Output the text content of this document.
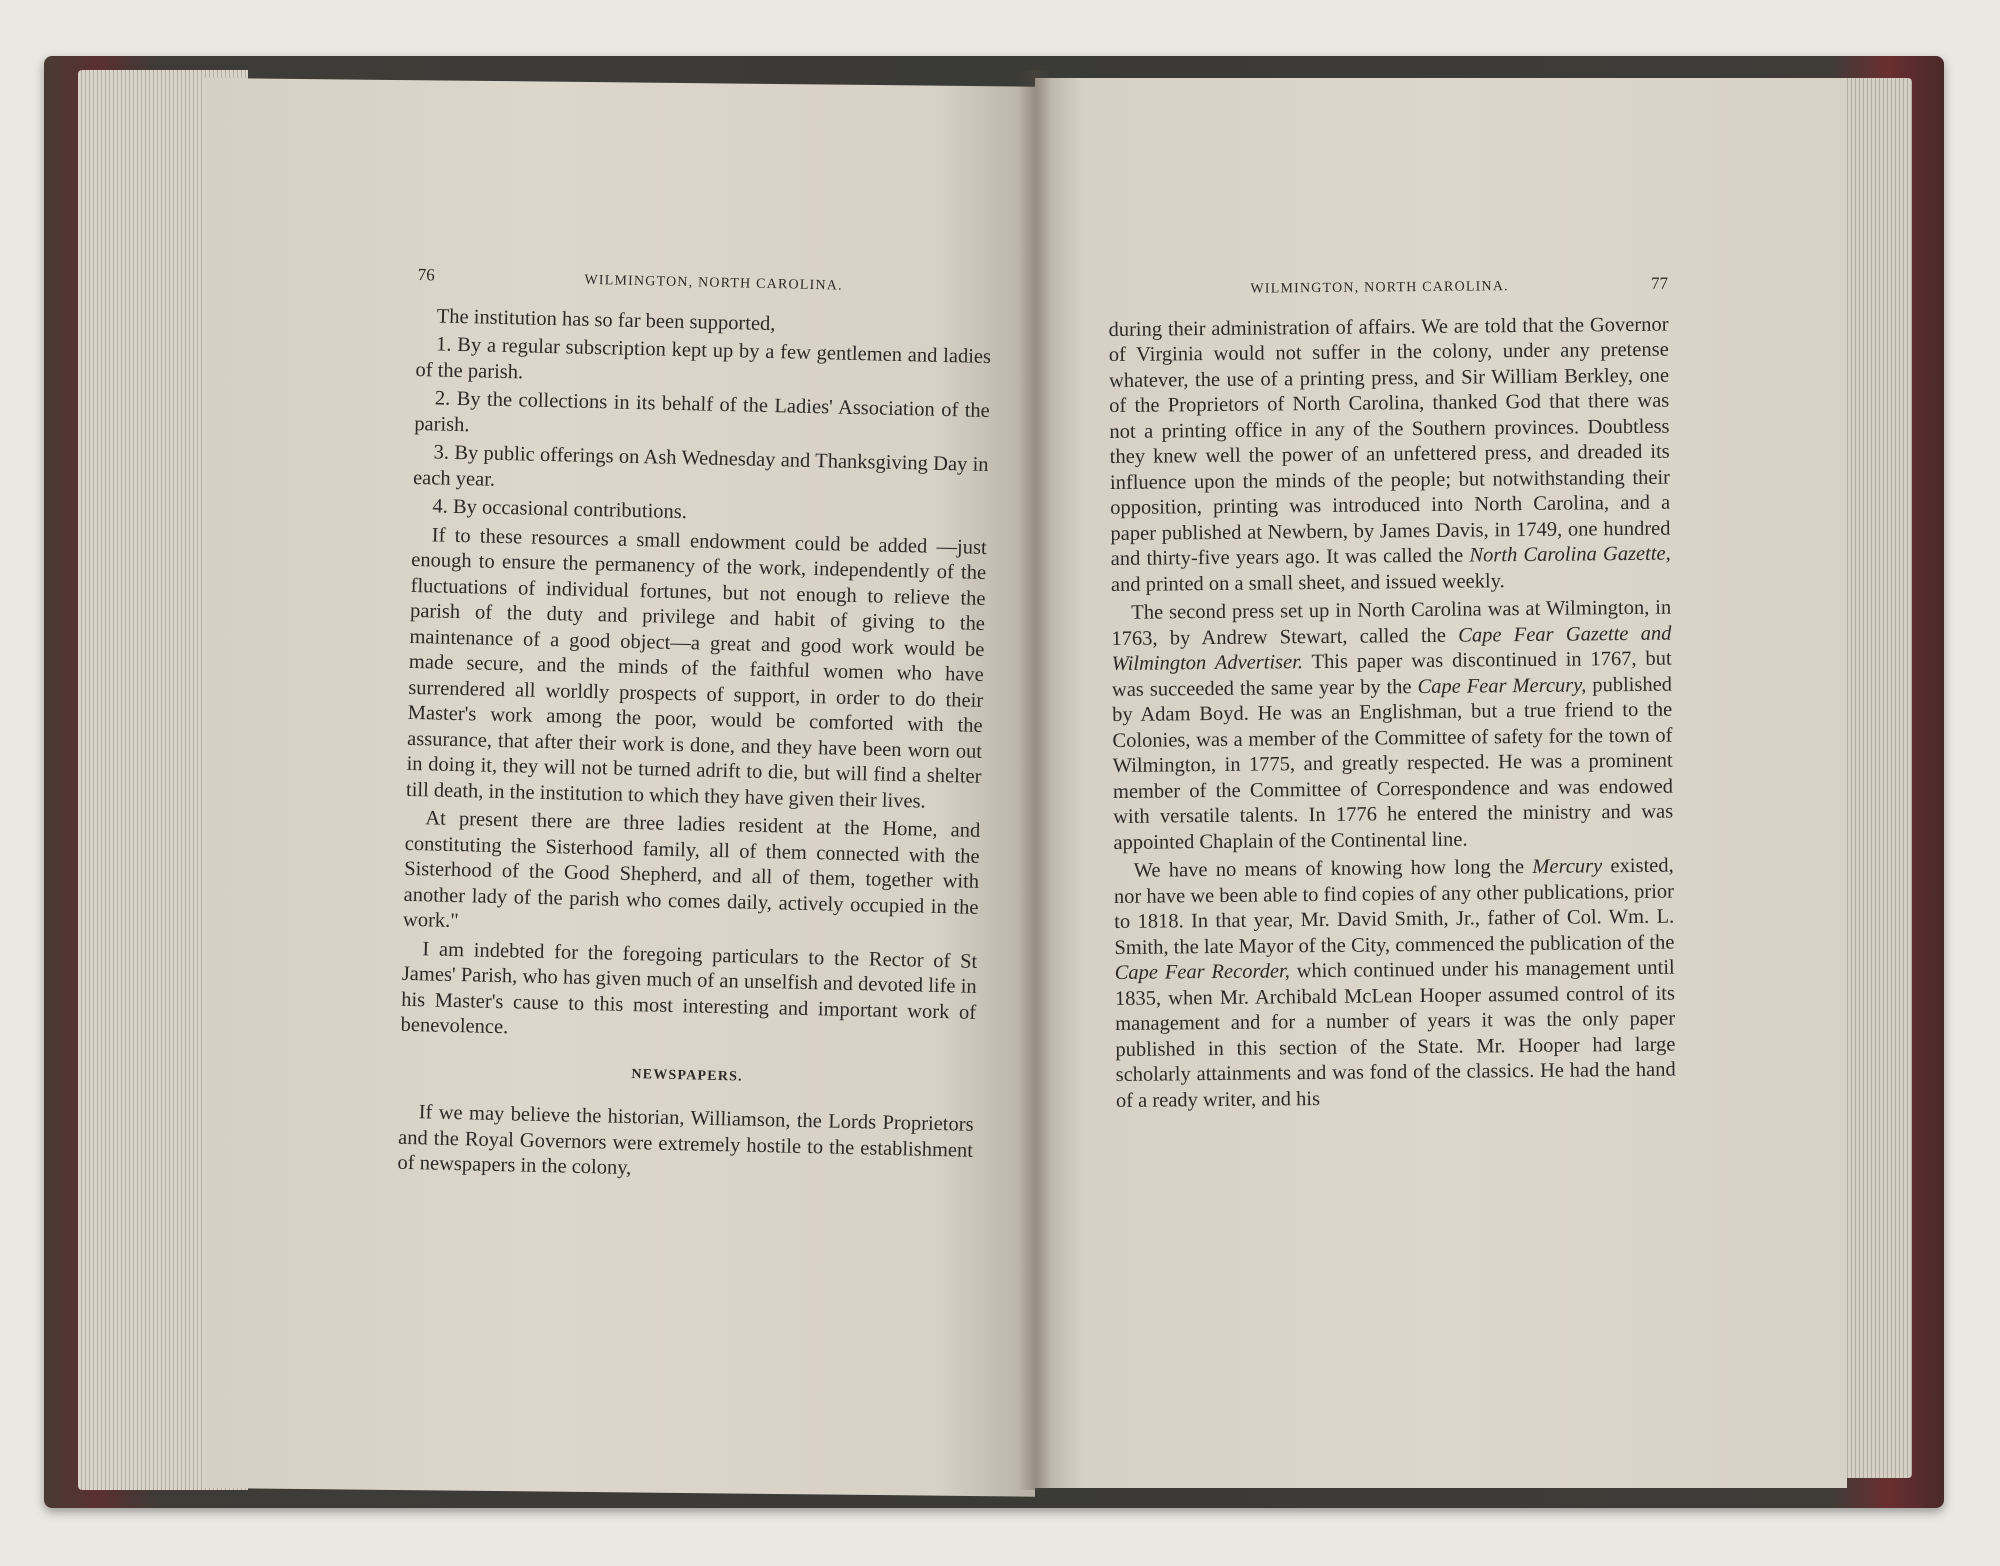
76	WILMINGTON, NORTH CAROLINA.

The institution has so far been supported,

1. By a regular subscription kept up by a few gentlemen and ladies of the parish.

2. By the collections in its behalf of the Ladies' Association of the parish.

3. By public offerings on Ash Wednesday and Thanksgiving Day in each year.

4. By occasional contributions.

If to these resources a small endowment could be added —just enough to ensure the permanency of the work, independently of the fluctuations of individual fortunes, but not enough to relieve the parish of the duty and privilege and habit of giving to the maintenance of a good object—a great and good work would be made secure, and the minds of the faithful women who have surrendered all worldly prospects of support, in order to do their Master's work among the poor, would be comforted with the assurance, that after their work is done, and they have been worn out in doing it, they will not be turned adrift to die, but will find a shelter till death, in the institution to which they have given their lives.

At present there are three ladies resident at the Home, and constituting the Sisterhood family, all of them connected with the Sisterhood of the Good Shepherd, and all of them, together with another lady of the parish who comes daily, actively occupied in the work."

I am indebted for the foregoing particulars to the Rector of St James' Parish, who has given much of an unselfish and devoted life in his Master's cause to this most interesting and important work of benevolence.

NEWSPAPERS.

If we may believe the historian, Williamson, the Lords Proprietors and the Royal Governors were extremely hostile to the establishment of newspapers in the colony,

WILMINGTON, NORTH CAROLINA.	77

during their administration of affairs. We are told that the Governor of Virginia would not suffer in the colony, under any pretense whatever, the use of a printing press, and Sir William Berkley, one of the Proprietors of North Carolina, thanked God that there was not a printing office in any of the Southern provinces. Doubtless they knew well the power of an unfettered press, and dreaded its influence upon the minds of the people; but notwithstanding their opposition, printing was introduced into North Carolina, and a paper published at Newbern, by James Davis, in 1749, one hundred and thirty-five years ago. It was called the North Carolina Gazette, and printed on a small sheet, and issued weekly.

The second press set up in North Carolina was at Wilmington, in 1763, by Andrew Stewart, called the Cape Fear Gazette and Wilmington Advertiser. This paper was discontinued in 1767, but was succeeded the same year by the Cape Fear Mercury, published by Adam Boyd. He was an Englishman, but a true friend to the Colonies, was a member of the Committee of safety for the town of Wilmington, in 1775, and greatly respected. He was a prominent member of the Committee of Correspondence and was endowed with versatile talents. In 1776 he entered the ministry and was appointed Chaplain of the Continental line.

We have no means of knowing how long the Mercury existed, nor have we been able to find copies of any other publications, prior to 1818. In that year, Mr. David Smith, Jr., father of Col. Wm. L. Smith, the late Mayor of the City, commenced the publication of the Cape Fear Recorder, which continued under his management until 1835, when Mr. Archibald McLean Hooper assumed control of its management and for a number of years it was the only paper published in this section of the State. Mr. Hooper had large scholarly attainments and was fond of the classics. He had the hand of a ready writer, and his
